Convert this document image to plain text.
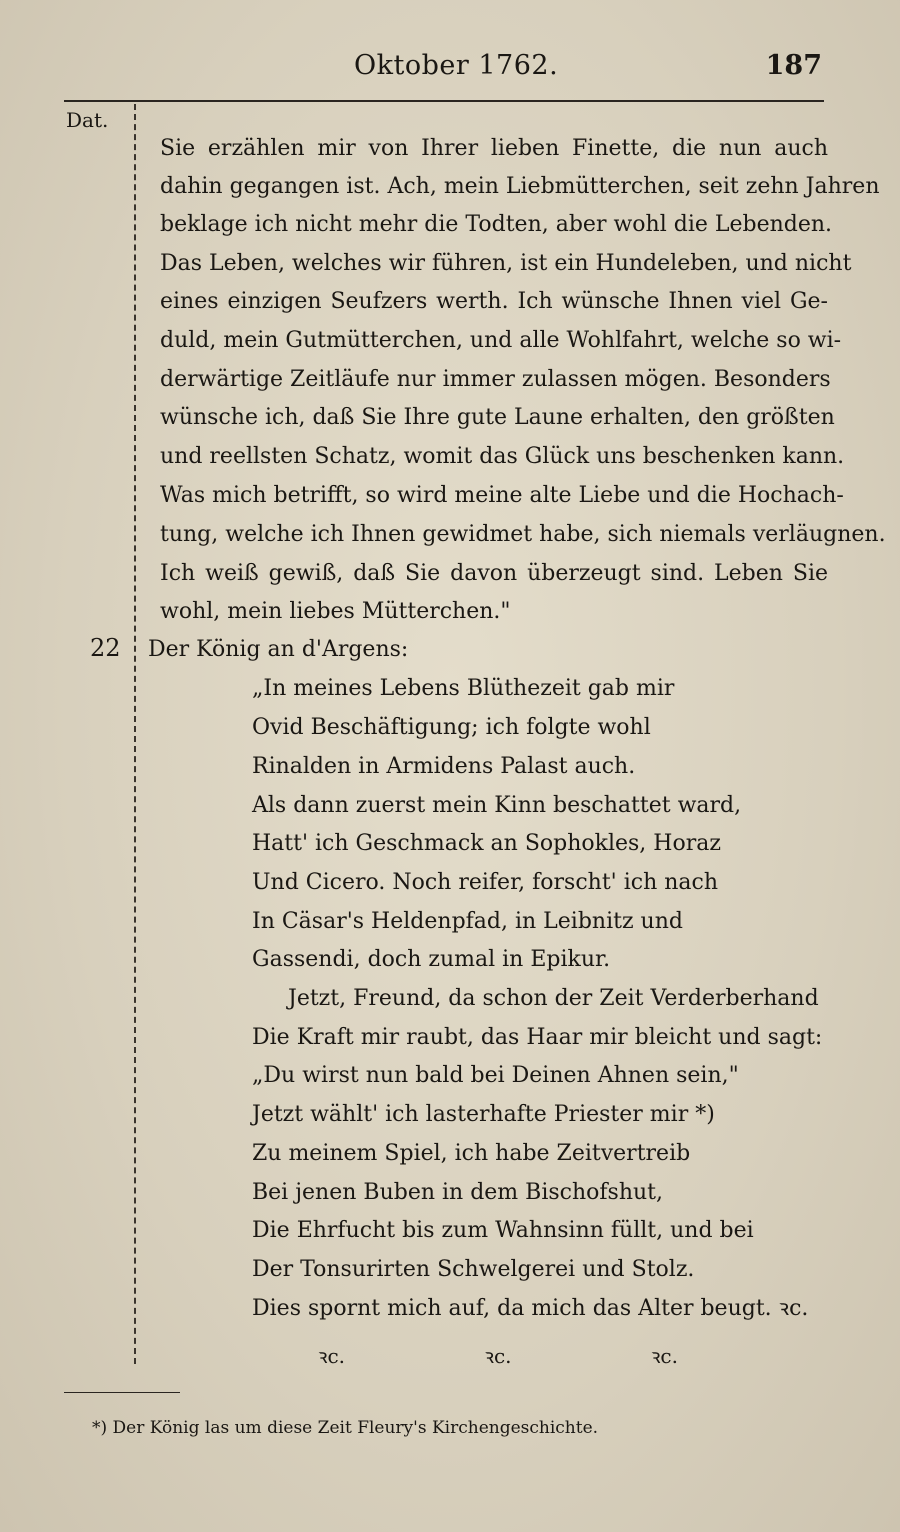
Oktober 1762.	187
Dat.
Sie erzählen mir von Ihrer lieben Finette, die nun auch
dahin gegangen ist. Ach, mein Liebmütterchen, seit zehn Jahren
beklage ich nicht mehr die Todten, aber wohl die Lebenden.
Das Leben, welches wir führen, ist ein Hundeleben, und nicht
eines einzigen Seufzers werth. Ich wünsche Ihnen viel Ge-
duld, mein Gutmütterchen, und alle Wohlfahrt, welche so wi-
derwärtige Zeitläufe nur immer zulassen mögen. Besonders
wünsche ich, daß Sie Ihre gute Laune erhalten, den größten
und reellsten Schatz, womit das Glück uns beschenken kann.
Was mich betrifft, so wird meine alte Liebe und die Hochach-
tung, welche ich Ihnen gewidmet habe, sich niemals verläugnen.
Ich weiß gewiß, daß Sie davon überzeugt sind. Leben Sie
wohl, mein liebes Mütterchen."
22 Der König an d'Argens:
„In meines Lebens Blüthezeit gab mir
Ovid Beschäftigung; ich folgte wohl
Rinalden in Armidens Palast auch.
Als dann zuerst mein Kinn beschattet ward,
Hatt' ich Geschmack an Sophokles, Horaz
Und Cicero. Noch reifer, forscht' ich nach
In Cäsar's Heldenpfad, in Leibnitz und
Gassendi, doch zumal in Epikur.
Jetzt, Freund, da schon der Zeit Verderberhand
Die Kraft mir raubt, das Haar mir bleicht und sagt:
„Du wirst nun bald bei Deinen Ahnen sein,"
Jetzt wählt' ich lasterhafte Priester mir *)
Zu meinem Spiel, ich habe Zeitvertreib
Bei jenen Buben in dem Bischofshut,
Die Ehrfucht bis zum Wahnsinn füllt, und bei
Der Tonsurirten Schwelgerei und Stolz.
Dies spornt mich auf, da mich das Alter beugt. ꝛc.
ꝛc.	ꝛc.	ꝛc.
*) Der König las um diese Zeit Fleury's Kirchengeschichte.
